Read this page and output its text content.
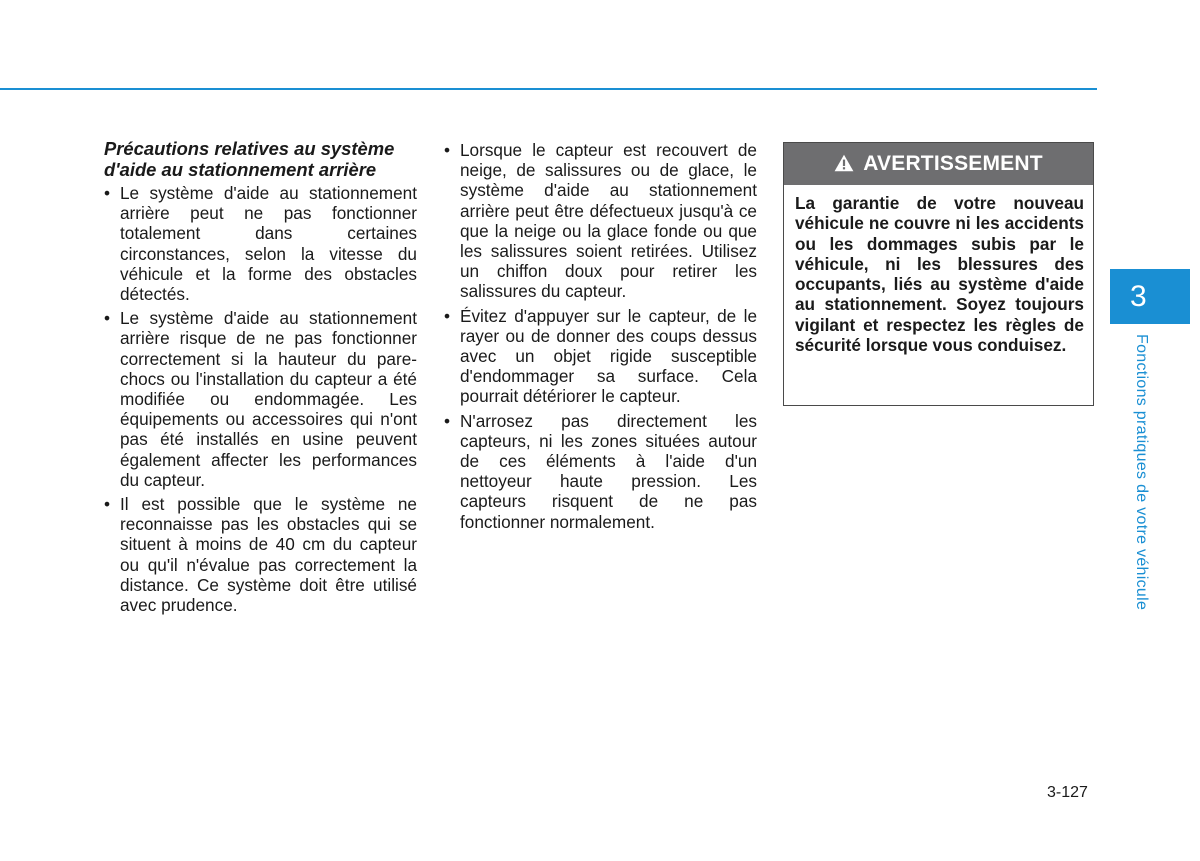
Précautions relatives au système d'aide au stationnement arrière
• Le système d'aide au stationnement arrière peut ne pas fonctionner totalement dans certaines circonstances, selon la vitesse du véhicule et la forme des obstacles détectés.
• Le système d'aide au stationnement arrière risque de ne pas fonctionner correctement si la hauteur du pare-chocs ou l'installation du capteur a été modifiée ou endommagée. Les équipements ou accessoires qui n'ont pas été installés en usine peuvent également affecter les performances du capteur.
• Il est possible que le système ne reconnaisse pas les obstacles qui se situent à moins de 40 cm du capteur ou qu'il n'évalue pas correctement la distance. Ce système doit être utilisé avec prudence.
• Lorsque le capteur est recouvert de neige, de salissures ou de glace, le système d'aide au stationnement arrière peut être défectueux jusqu'à ce que la neige ou la glace fonde ou que les salissures soient retirées. Utilisez un chiffon doux pour retirer les salissures du capteur.
• Évitez d'appuyer sur le capteur, de le rayer ou de donner des coups dessus avec un objet rigide susceptible d'endommager sa surface. Cela pourrait détériorer le capteur.
• N'arrosez pas directement les capteurs, ni les zones situées autour de ces éléments à l'aide d'un nettoyeur haute pression. Les capteurs risquent de ne pas fonctionner normalement.
AVERTISSEMENT
La garantie de votre nouveau véhicule ne couvre ni les accidents ou les dommages subis par le véhicule, ni les blessures des occupants, liés au système d'aide au stationnement. Soyez toujours vigilant et respectez les règles de sécurité lorsque vous conduisez.
3
Fonctions pratiques de votre véhicule
3-127
